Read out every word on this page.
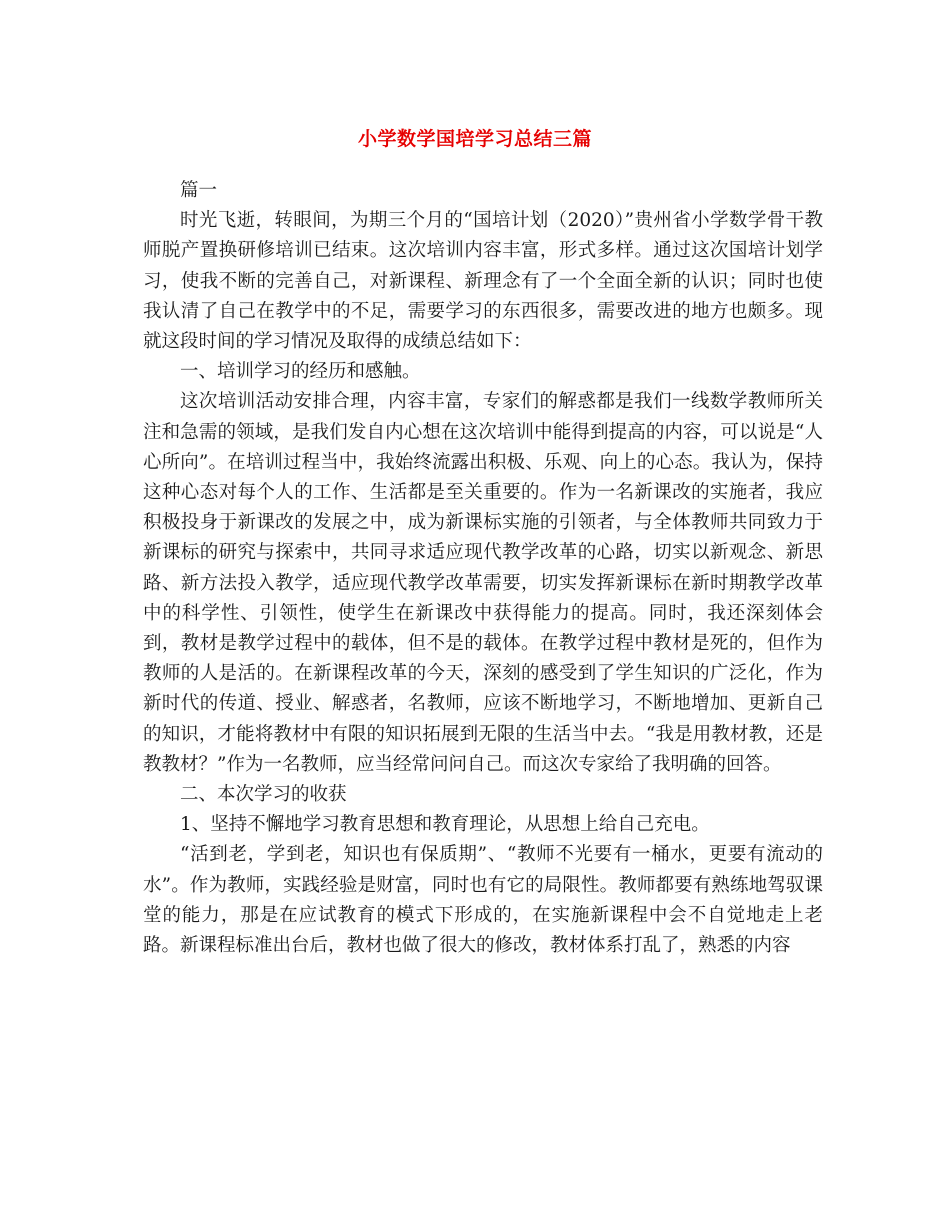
小学数学国培学习总结三篇

篇一

时光飞逝，转眼间，为期三个月的“国培计划（2020）”贵州省小学数学骨干教师脱产置换研修培训已结束。这次培训内容丰富，形式多样。通过这次国培计划学习，使我不断的完善自己，对新课程、新理念有了一个全面全新的认识；同时也使我认清了自己在教学中的不足，需要学习的东西很多，需要改进的地方也颇多。现就这段时间的学习情况及取得的成绩总结如下：

一、培训学习的经历和感触。

这次培训活动安排合理，内容丰富，专家们的解惑都是我们一线数学教师所关注和急需的领域，是我们发自内心想在这次培训中能得到提高的内容，可以说是“人心所向”。在培训过程当中，我始终流露出积极、乐观、向上的心态。我认为，保持这种心态对每个人的工作、生活都是至关重要的。作为一名新课改的实施者，我应积极投身于新课改的发展之中，成为新课标实施的引领者，与全体教师共同致力于新课标的研究与探索中，共同寻求适应现代教学改革的心路，切实以新观念、新思路、新方法投入教学，适应现代教学改革需要，切实发挥新课标在新时期教学改革中的科学性、引领性，使学生在新课改中获得能力的提高。同时，我还深刻体会到，教材是教学过程中的载体，但不是的载体。在教学过程中教材是死的，但作为教师的人是活的。在新课程改革的今天，深刻的感受到了学生知识的广泛化，作为新时代的传道、授业、解惑者，名教师，应该不断地学习，不断地增加、更新自己的知识，才能将教材中有限的知识拓展到无限的生活当中去。“我是用教材教，还是教教材？”作为一名教师，应当经常问问自己。而这次专家给了我明确的回答。

二、本次学习的收获

1、坚持不懈地学习教育思想和教育理论，从思想上给自己充电。

“活到老，学到老，知识也有保质期”、“教师不光要有一桶水，更要有流动的水”。作为教师，实践经验是财富，同时也有它的局限性。教师都要有熟练地驾驭课堂的能力，那是在应试教育的模式下形成的，在实施新课程中会不自觉地走上老路。新课程标准出台后，教材也做了很大的修改，教材体系打乱了，熟悉的内容
